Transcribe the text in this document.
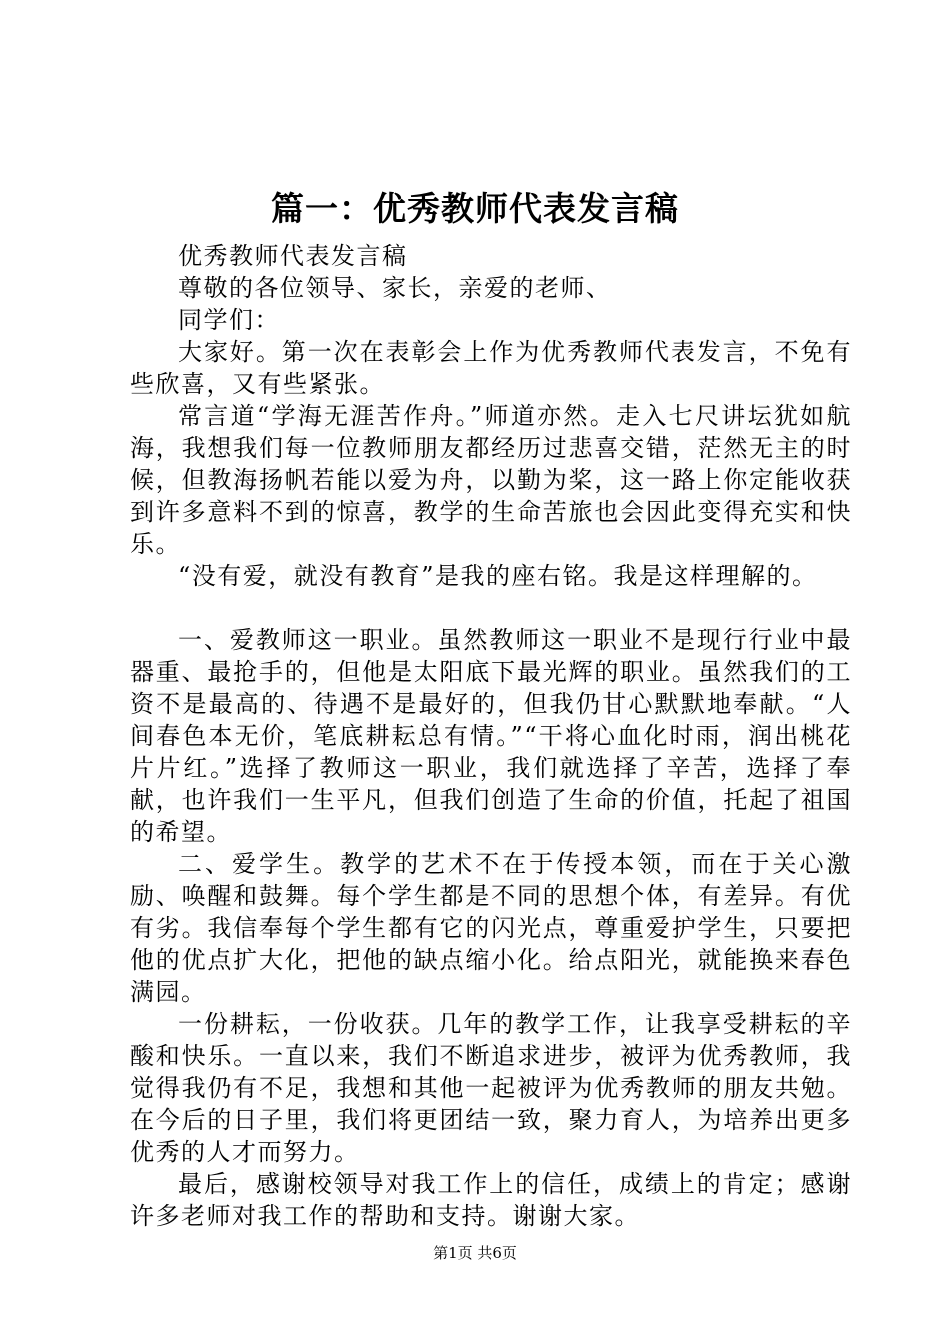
篇一：优秀教师代表发言稿

优秀教师代表发言稿

尊敬的各位领导、家长，亲爱的老师、

同学们：

大家好。第一次在表彰会上作为优秀教师代表发言，不免有些欣喜，又有些紧张。

常言道“学海无涯苦作舟。”师道亦然。走入七尺讲坛犹如航海，我想我们每一位教师朋友都经历过悲喜交错，茫然无主的时候，但教海扬帆若能以爱为舟，以勤为桨，这一路上你定能收获到许多意料不到的惊喜，教学的生命苦旅也会因此变得充实和快乐。

“没有爱，就没有教育”是我的座右铭。我是这样理解的。

一、爱教师这一职业。虽然教师这一职业不是现行行业中最器重、最抢手的，但他是太阳底下最光辉的职业。虽然我们的工资不是最高的、待遇不是最好的，但我仍甘心默默地奉献。“人间春色本无价，笔底耕耘总有情。”“干将心血化时雨，润出桃花片片红。”选择了教师这一职业，我们就选择了辛苦，选择了奉献，也许我们一生平凡，但我们创造了生命的价值，托起了祖国的希望。

二、爱学生。教学的艺术不在于传授本领，而在于关心激励、唤醒和鼓舞。每个学生都是不同的思想个体，有差异。有优有劣。我信奉每个学生都有它的闪光点，尊重爱护学生，只要把他的优点扩大化，把他的缺点缩小化。给点阳光，就能换来春色满园。

一份耕耘，一份收获。几年的教学工作，让我享受耕耘的辛酸和快乐。一直以来，我们不断追求进步，被评为优秀教师，我觉得我仍有不足，我想和其他一起被评为优秀教师的朋友共勉。在今后的日子里，我们将更团结一致，聚力育人，为培养出更多优秀的人才而努力。

最后，感谢校领导对我工作上的信任，成绩上的肯定；感谢许多老师对我工作的帮助和支持。谢谢大家。

第1页 共6页
